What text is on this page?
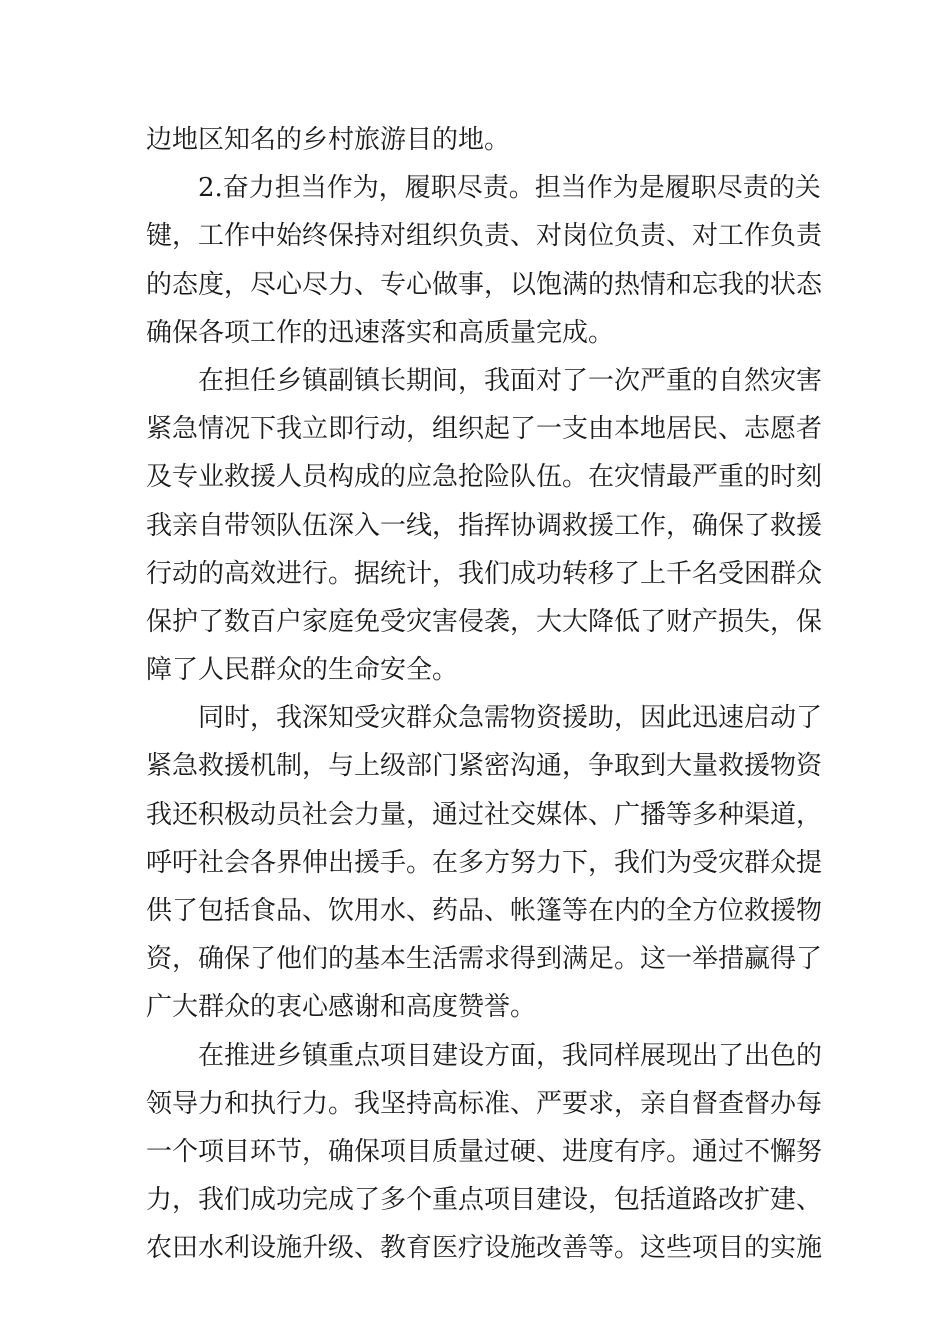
边地区知名的乡村旅游目的地。
2.奋力担当作为，履职尽责。担当作为是履职尽责的关
键，工作中始终保持对组织负责、对岗位负责、对工作负责
的态度，尽心尽力、专心做事，以饱满的热情和忘我的状态
确保各项工作的迅速落实和高质量完成。
在担任乡镇副镇长期间，我面对了一次严重的自然灾害
紧急情况下我立即行动，组织起了一支由本地居民、志愿者
及专业救援人员构成的应急抢险队伍。在灾情最严重的时刻
我亲自带领队伍深入一线，指挥协调救援工作，确保了救援
行动的高效进行。据统计，我们成功转移了上千名受困群众
保护了数百户家庭免受灾害侵袭，大大降低了财产损失，保
障了人民群众的生命安全。
同时，我深知受灾群众急需物资援助，因此迅速启动了
紧急救援机制，与上级部门紧密沟通，争取到大量救援物资
我还积极动员社会力量，通过社交媒体、广播等多种渠道，
呼吁社会各界伸出援手。在多方努力下，我们为受灾群众提
供了包括食品、饮用水、药品、帐篷等在内的全方位救援物
资，确保了他们的基本生活需求得到满足。这一举措赢得了
广大群众的衷心感谢和高度赞誉。
在推进乡镇重点项目建设方面，我同样展现出了出色的
领导力和执行力。我坚持高标准、严要求，亲自督查督办每
一个项目环节，确保项目质量过硬、进度有序。通过不懈努
力，我们成功完成了多个重点项目建设，包括道路改扩建、
农田水利设施升级、教育医疗设施改善等。这些项目的实施
